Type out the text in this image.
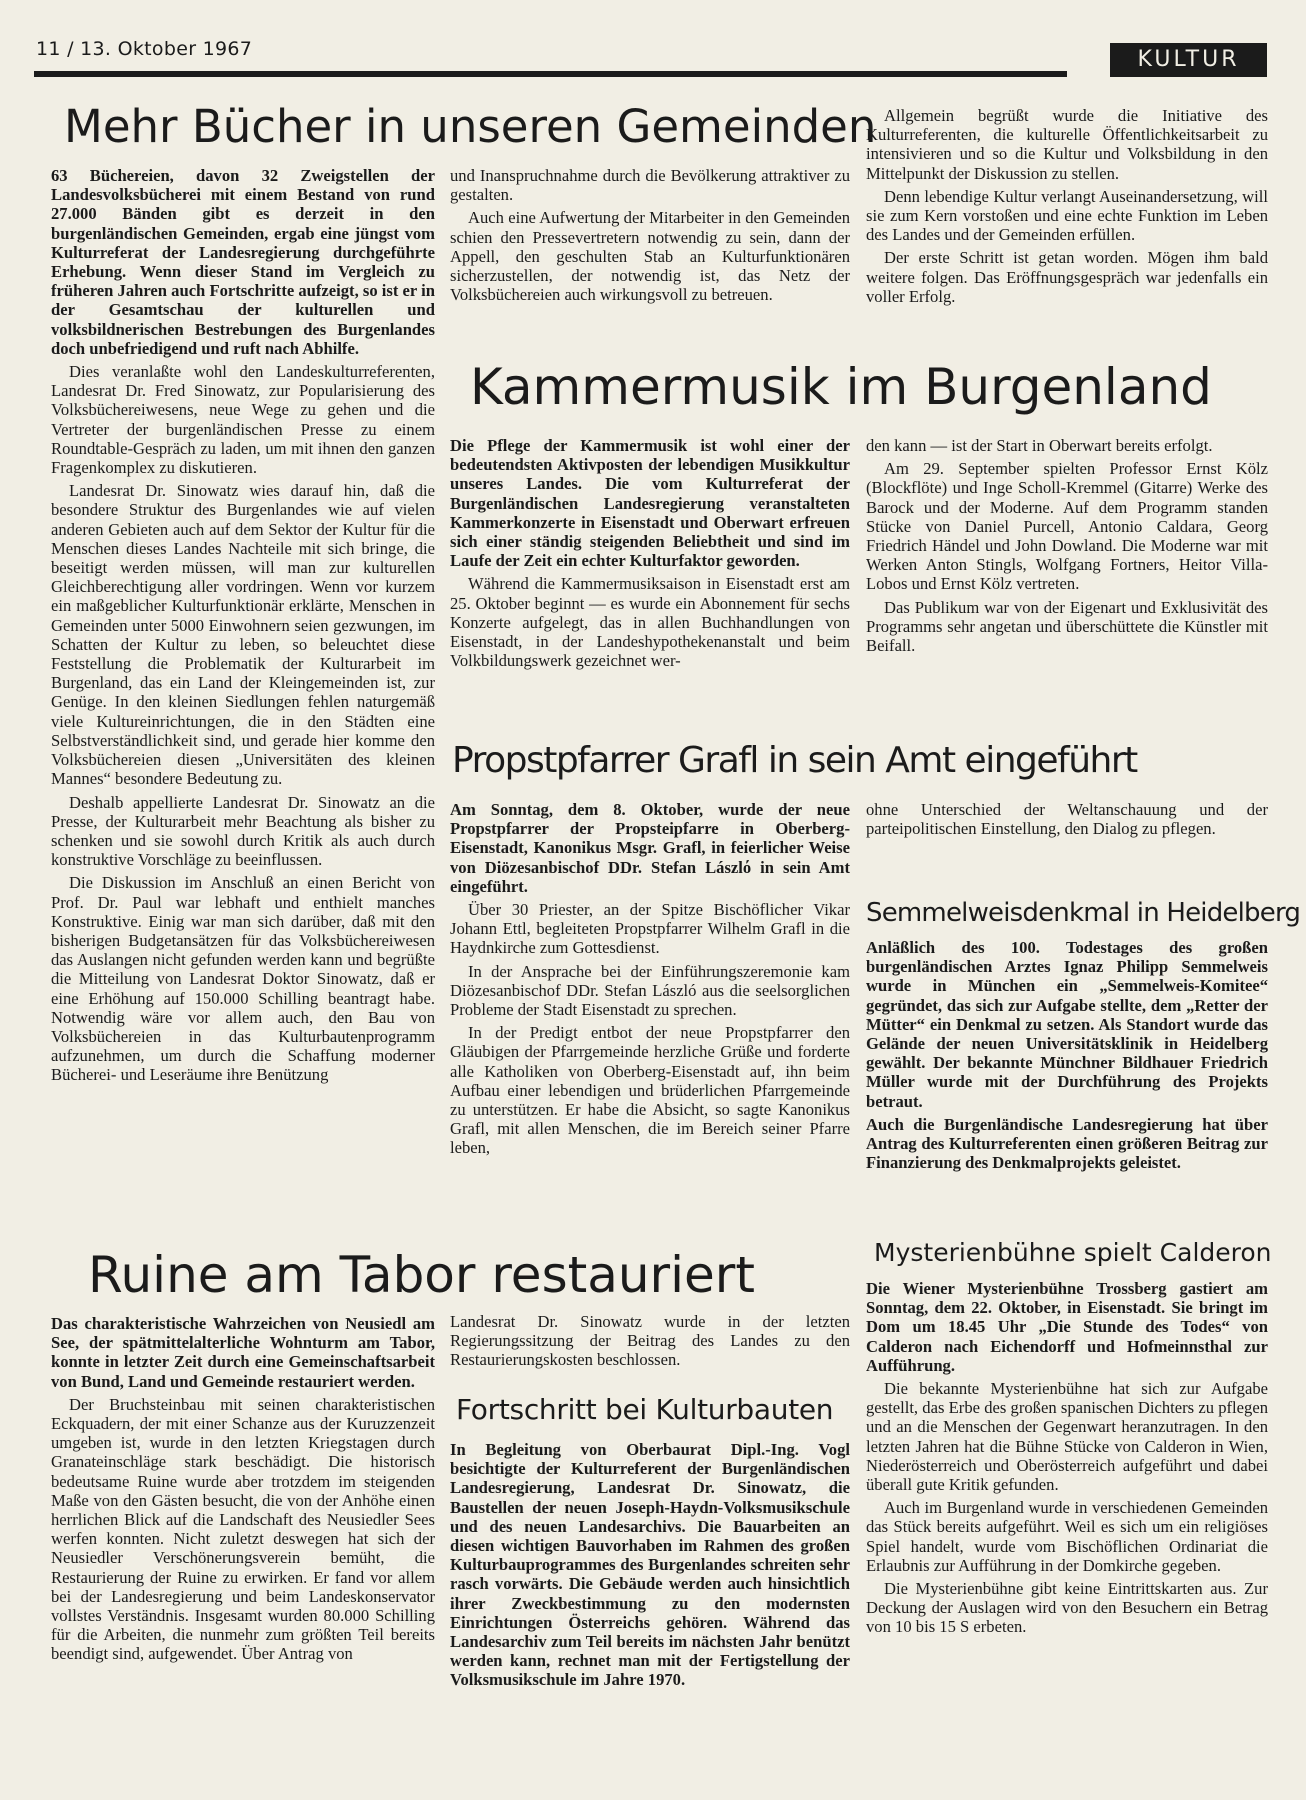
11 / 13. Oktober 1967	KULTUR
Mehr Bücher in unseren Gemeinden

63 Büchereien, davon 32 Zweigstellen der Landesvolksbücherei mit einem Bestand von rund 27.000 Bänden gibt es derzeit in den burgenländischen Gemeinden, ergab eine jüngst vom Kulturreferat der Landesregierung durchgeführte Erhebung. Wenn dieser Stand im Vergleich zu früheren Jahren auch Fortschritte aufzeigt, so ist er in der Gesamtschau der kulturellen und volksbildnerischen Bestrebungen des Burgenlandes doch unbefriedigend und ruft nach Abhilfe.

Dies veranlaßte wohl den Landeskulturreferenten, Landesrat Dr. Fred Sinowatz, zur Popularisierung des Volksbüchereiwesens, neue Wege zu gehen und die Vertreter der burgenländischen Presse zu einem Roundtable-Gespräch zu laden, um mit ihnen den ganzen Fragenkomplex zu diskutieren.

Landesrat Dr. Sinowatz wies darauf hin, daß die besondere Struktur des Burgenlandes wie auf vielen anderen Gebieten auch auf dem Sektor der Kultur für die Menschen dieses Landes Nachteile mit sich bringe, die beseitigt werden müssen, will man zur kulturellen Gleichberechtigung aller vordringen. Wenn vor kurzem ein maßgeblicher Kulturfunktionär erklärte, Menschen in Gemeinden unter 5000 Einwohnern seien gezwungen, im Schatten der Kultur zu leben, so beleuchtet diese Feststellung die Problematik der Kulturarbeit im Burgenland, das ein Land der Kleingemeinden ist, zur Genüge. In den kleinen Siedlungen fehlen naturgemäß viele Kultureinrichtungen, die in den Städten eine Selbstverständlichkeit sind, und gerade hier komme den Volksbüchereien diesen „Universitäten des kleinen Mannes“ besondere Bedeutung zu.

Deshalb appellierte Landesrat Dr. Sinowatz an die Presse, der Kulturarbeit mehr Beachtung als bisher zu schenken und sie sowohl durch Kritik als auch durch konstruktive Vorschläge zu beeinflussen.

Die Diskussion im Anschluß an einen Bericht von Prof. Dr. Paul war lebhaft und enthielt manches Konstruktive. Einig war man sich darüber, daß mit den bisherigen Budgetansätzen für das Volksbüchereiwesen das Auslangen nicht gefunden werden kann und begrüßte die Mitteilung von Landesrat Doktor Sinowatz, daß er eine Erhöhung auf 150.000 Schilling beantragt habe. Notwendig wäre vor allem auch, den Bau von Volksbüchereien in das Kulturbautenprogramm aufzunehmen, um durch die Schaffung moderner Bücherei- und Leseräume ihre Benützung

und Inanspruchnahme durch die Bevölkerung attraktiver zu gestalten.

Auch eine Aufwertung der Mitarbeiter in den Gemeinden schien den Pressevertretern notwendig zu sein, dann der Appell, den geschulten Stab an Kulturfunktionären sicherzustellen, der notwendig ist, das Netz der Volksbüchereien auch wirkungsvoll zu betreuen.

Allgemein begrüßt wurde die Initiative des Kulturreferenten, die kulturelle Öffentlichkeitsarbeit zu intensivieren und so die Kultur und Volksbildung in den Mittelpunkt der Diskussion zu stellen.

Denn lebendige Kultur verlangt Auseinandersetzung, will sie zum Kern vorstoßen und eine echte Funktion im Leben des Landes und der Gemeinden erfüllen.

Der erste Schritt ist getan worden. Mögen ihm bald weitere folgen. Das Eröffnungsgespräch war jedenfalls ein voller Erfolg.

Kammermusik im Burgenland

Die Pflege der Kammermusik ist wohl einer der bedeutendsten Aktivposten der lebendigen Musikkultur unseres Landes. Die vom Kulturreferat der Burgenländischen Landesregierung veranstalteten Kammerkonzerte in Eisenstadt und Oberwart erfreuen sich einer ständig steigenden Beliebtheit und sind im Laufe der Zeit ein echter Kulturfaktor geworden.

Während die Kammermusiksaison in Eisenstadt erst am 25. Oktober beginnt — es wurde ein Abonnement für sechs Konzerte aufgelegt, das in allen Buchhandlungen von Eisenstadt, in der Landeshypothekenanstalt und beim Volkbildungswerk gezeichnet wer-

den kann — ist der Start in Oberwart bereits erfolgt.

Am 29. September spielten Professor Ernst Kölz (Blockflöte) und Inge Scholl-Kremmel (Gitarre) Werke des Barock und der Moderne. Auf dem Programm standen Stücke von Daniel Purcell, Antonio Caldara, Georg Friedrich Händel und John Dowland. Die Moderne war mit Werken Anton Stingls, Wolfgang Fortners, Heitor Villa-Lobos und Ernst Kölz vertreten.

Das Publikum war von der Eigenart und Exklusivität des Programms sehr angetan und überschüttete die Künstler mit Beifall.

Propstpfarrer Grafl in sein Amt eingeführt

Am Sonntag, dem 8. Oktober, wurde der neue Propstpfarrer der Propsteipfarre in Oberberg-Eisenstadt, Kanonikus Msgr. Grafl, in feierlicher Weise von Diözesanbischof DDr. Stefan Lászlό in sein Amt eingeführt.

Über 30 Priester, an der Spitze Bischöflicher Vikar Johann Ettl, begleiteten Propstpfarrer Wilhelm Grafl in die Haydnkirche zum Gottesdienst.

In der Ansprache bei der Einführungszeremonie kam Diözesanbischof DDr. Stefan László aus die seelsorglichen Probleme der Stadt Eisenstadt zu sprechen.

In der Predigt entbot der neue Propstpfarrer den Gläubigen der Pfarrgemeinde herzliche Grüße und forderte alle Katholiken von Oberberg-Eisenstadt auf, ihn beim Aufbau einer lebendigen und brüderlichen Pfarrgemeinde zu unterstützen. Er habe die Absicht, so sagte Kanonikus Grafl, mit allen Menschen, die im Bereich seiner Pfarre leben,

ohne Unterschied der Weltanschauung und der parteipolitischen Einstellung, den Dialog zu pflegen.

Semmelweisdenkmal in Heidelberg

Anläßlich des 100. Todestages des großen burgenländischen Arztes Ignaz Philipp Semmelweis wurde in München ein „Semmelweis-Komitee“ gegründet, das sich zur Aufgabe stellte, dem „Retter der Mütter“ ein Denkmal zu setzen. Als Standort wurde das Gelände der neuen Universitätsklinik in Heidelberg gewählt. Der bekannte Münchner Bildhauer Friedrich Müller wurde mit der Durchführung des Projekts betraut.

Auch die Burgenländische Landesregierung hat über Antrag des Kulturreferenten einen größeren Beitrag zur Finanzierung des Denkmalprojekts geleistet.

Ruine am Tabor restauriert

Das charakteristische Wahrzeichen von Neusiedl am See, der spätmittelalterliche Wohnturm am Tabor, konnte in letzter Zeit durch eine Gemeinschaftsarbeit von Bund, Land und Gemeinde restauriert werden.

Der Bruchsteinbau mit seinen charakteristischen Eckquadern, der mit einer Schanze aus der Kuruzzenzeit umgeben ist, wurde in den letzten Kriegstagen durch Granateinschläge stark beschädigt. Die historisch bedeutsame Ruine wurde aber trotzdem im steigenden Maße von den Gästen besucht, die von der Anhöhe einen herrlichen Blick auf die Landschaft des Neusiedler Sees werfen konnten. Nicht zuletzt deswegen hat sich der Neusiedler Verschönerungsverein bemüht, die Restaurierung der Ruine zu erwirken. Er fand vor allem bei der Landesregierung und beim Landeskonservator vollstes Verständnis. Insgesamt wurden 80.000 Schilling für die Arbeiten, die nunmehr zum größten Teil bereits beendigt sind, aufgewendet. Über Antrag von

Landesrat Dr. Sinowatz wurde in der letzten Regierungssitzung der Beitrag des Landes zu den Restaurierungskosten beschlossen.

Fortschritt bei Kulturbauten

In Begleitung von Oberbaurat Dipl.-Ing. Vogl besichtigte der Kulturreferent der Burgenländischen Landesregierung, Landesrat Dr. Sinowatz, die Baustellen der neuen Joseph-Haydn-Volksmusikschule und des neuen Landesarchivs. Die Bauarbeiten an diesen wichtigen Bauvorhaben im Rahmen des großen Kulturbauprogrammes des Burgenlandes schreiten sehr rasch vorwärts. Die Gebäude werden auch hinsichtlich ihrer Zweckbestimmung zu den modernsten Einrichtungen Österreichs gehören. Während das Landesarchiv zum Teil bereits im nächsten Jahr benützt werden kann, rechnet man mit der Fertigstellung der Volksmusikschule im Jahre 1970.

Mysterienbühne spielt Calderon

Die Wiener Mysterienbühne Trossberg gastiert am Sonntag, dem 22. Oktober, in Eisenstadt. Sie bringt im Dom um 18.45 Uhr „Die Stunde des Todes“ von Calderon nach Eichendorff und Hofmeinnsthal zur Aufführung.

Die bekannte Mysterienbühne hat sich zur Aufgabe gestellt, das Erbe des großen spanischen Dichters zu pflegen und an die Menschen der Gegenwart heranzutragen. In den letzten Jahren hat die Bühne Stücke von Calderon in Wien, Niederösterreich und Oberösterreich aufgeführt und dabei überall gute Kritik gefunden.

Auch im Burgenland wurde in verschiedenen Gemeinden das Stück bereits aufgeführt. Weil es sich um ein religiöses Spiel handelt, wurde vom Bischöflichen Ordinariat die Erlaubnis zur Aufführung in der Domkirche gegeben.

Die Mysterienbühne gibt keine Eintrittskarten aus. Zur Deckung der Auslagen wird von den Besuchern ein Betrag von 10 bis 15 S erbeten.
